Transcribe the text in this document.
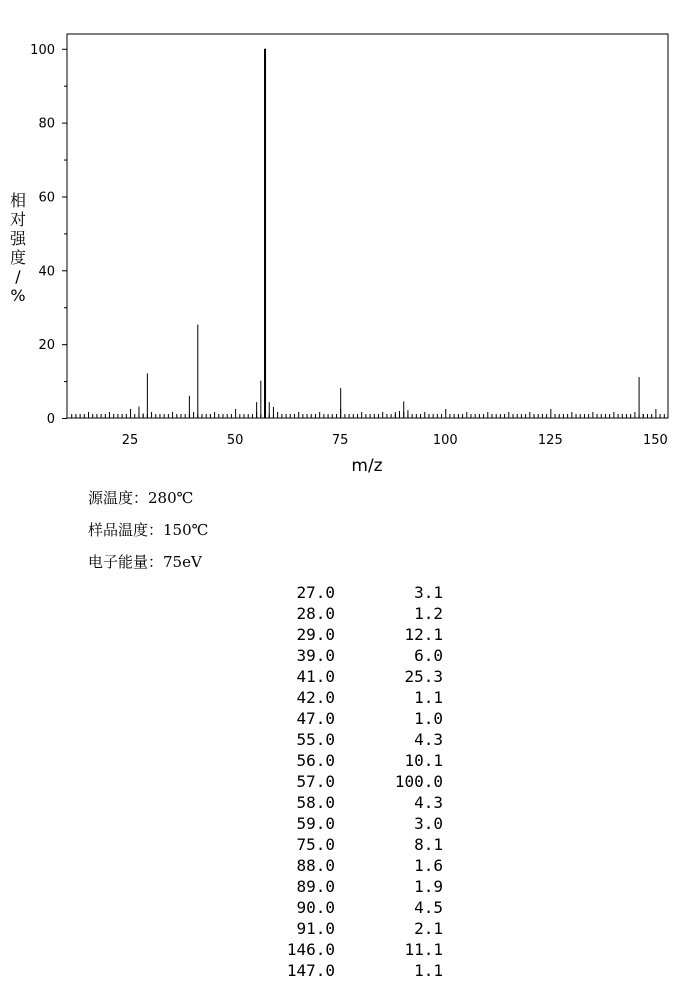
25	50	75	100	125	150
0
20
40
60
80
100
m/z
相对强度/ %
源温度：280℃
样品温度：150℃
电子能量：75eV
27.0	3.1
28.0	1.2
29.0	12.1
39.0	6.0
41.0	25.3
42.0	1.1
47.0	1.0
55.0	4.3
56.0	10.1
57.0	100.0
58.0	4.3
59.0	3.0
75.0	8.1
88.0	1.6
89.0	1.9
90.0	4.5
91.0	2.1
146.0	11.1
147.0	1.1
